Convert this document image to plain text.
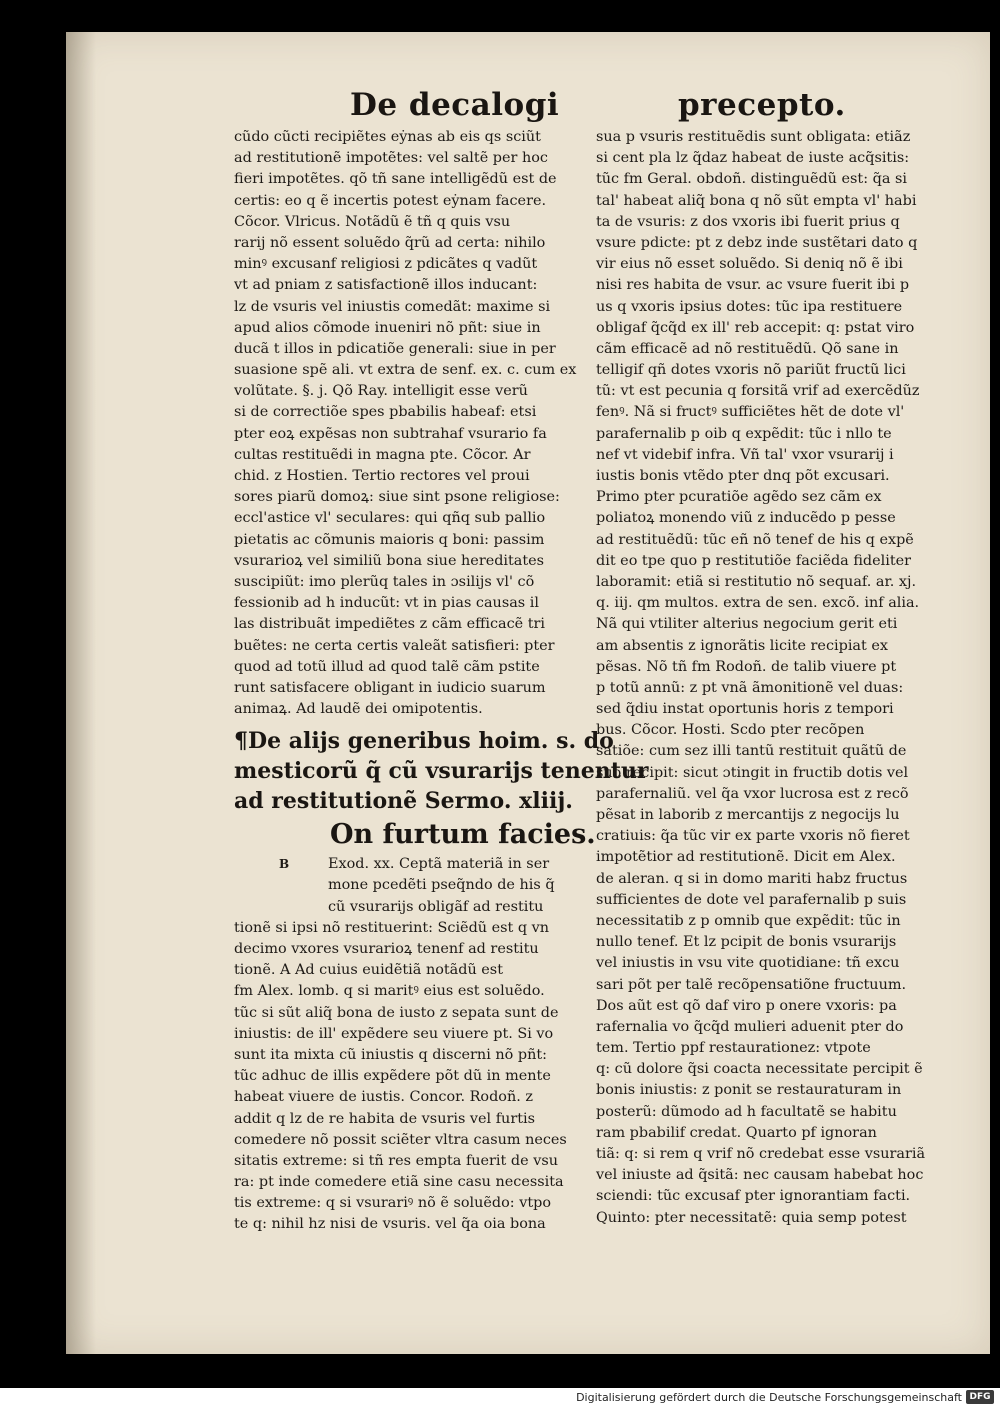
De decalogi	precepto.
cũdo cũcti recipiẽtes eẏnas ab eis qs sciũt
ad restitutionẽ impotẽtes: vel saltẽ per hoc
fieri impotẽtes. qõ tñ sane intelligẽdũ est de
certis: eo q ẽ incertis potest eẏnam facere.
Cõcor. Vlricus. Notãdũ ẽ tñ q quis vsu
rarij nõ essent soluẽdo q̃rũ ad certa: nihilo
minꝰ excusanf religiosi z pdicãtes q vadũt
vt ad pniam z satisfactionẽ illos inducant:
lz de vsuris vel iniustis comedãt: maxime si
apud alios cõmode inueniri nõ pñt: siue in
ducã t illos in pdicatiõe generali: siue in per
suasione spẽ ali. vt extra de senf. ex. c. cum ex
volũtate. §. j. Qõ Ray. intelligit esse verũ
si de correctiõe spes pbabilis habeaf: etsi
pter eoꝝ expẽsas non subtrahaf vsurario fa
cultas restituẽdi in magna pte. Cõcor. Ar
chid. z Hostien. Tertio rectores vel proui
sores piarũ domoꝝ: siue sint psone religiose:
eccl'astice vl' seculares: qui qñq sub pallio
pietatis ac cõmunis maioris q boni: passim
vsurarioꝝ vel similiũ bona siue hereditates
suscipiũt: imo plerũq tales in ɔsilijs vl' cõ
fessionib ad h inducũt: vt in pias causas il
las distribuãt impediẽtes z cãm efficacẽ tri
buẽtes: ne certa certis valeãt satisfieri: pter
quod ad totũ illud ad quod talẽ cãm pstite
runt satisfacere obligant in iudicio suarum
animaꝝ. Ad laudẽ dei omipotentis.
¶De alijs generibus hoim. s. do
mesticorũ q̃ cũ vsurarijs tenentur
ad restitutionẽ Sermo. xliij.
On furtum facies.
Exod. xx. Ceptã materiã in ser
B
mone pcedẽti pseq̃ndo de his q̃
cũ vsurarijs obligãf ad restitu
tionẽ si ipsi nõ restituerint: Sciẽdũ est q vn
decimo vxores vsurarioꝝ tenenf ad restitu
tionẽ. A Ad cuius euidẽtiã notãdũ est
fm Alex. lomb. q si maritꝰ eius est soluẽdo.
tũc si sũt aliq̃ bona de iusto z sepata sunt de
iniustis: de ill' expẽdere seu viuere pt. Si vo
sunt ita mixta cũ iniustis q discerni nõ pñt:
tũc adhuc de illis expẽdere põt dũ in mente
habeat viuere de iustis. Concor. Rodoñ. z
addit q lz de re habita de vsuris vel furtis
comedere nõ possit sciẽter vltra casum neces
sitatis extreme: si tñ res empta fuerit de vsu
ra: pt inde comedere etiã sine casu necessita
tis extreme: q si vsurariꝰ nõ ẽ soluẽdo: vtpo
te q: nihil hz nisi de vsuris. vel q̃a oia bona
sua p vsuris restituẽdis sunt obligata: etiãz
si cent pla lz q̃daz habeat de iuste acq̃sitis:
tũc fm Geral. obdoñ. distinguẽdũ est: q̃a si
tal' habeat aliq̃ bona q nõ sũt empta vl' habi
ta de vsuris: z dos vxoris ibi fuerit prius q
vsure pdicte: pt z debz inde sustẽtari dato q
vir eius nõ esset soluẽdo. Si deniq nõ ẽ ibi
nisi res habita de vsur. ac vsure fuerit ibi p
us q vxoris ipsius dotes: tũc ipa restituere
obligaf q̃cq̃d ex ill' reb accepit: q: pstat viro
cãm efficacẽ ad nõ restituẽdũ. Qõ sane in
telligif qñ dotes vxoris nõ pariũt fructũ lici
tũ: vt est pecunia q forsitã vrif ad exercẽdũz
fenꝰ. Nã si fructꝰ sufficiẽtes hẽt de dote vl'
parafernalib p oib q expẽdit: tũc i nllo te
nef vt videbif infra. Vñ tal' vxor vsurarij i
iustis bonis vtẽdo pter dnq põt excusari.
Primo pter pcuratiõe agẽdo sez cãm ex
poliatoꝝ monendo viũ z inducẽdo p pesse
ad restituẽdũ: tũc eñ nõ tenef de his q expẽ
dit eo tpe quo p restitutiõe faciẽda fideliter
laboramit: etiã si restitutio nõ sequaf. ar. xj.
q. iij. qm multos. extra de sen. excõ. inf alia.
Nã qui vtiliter alterius negocium gerit eti
am absentis z ignorãtis licite recipiat ex
pẽsas. Nõ tñ fm Rodoñ. de talib viuere pt
p totũ annũ: z pt vnã ãmonitionẽ vel duas:
sed q̃diu instat oportunis horis z tempori
bus. Cõcor. Hosti. Scdo pter recõpen
satiõe: cum sez illi tantũ restituit quãtũ de
suo recipit: sicut ɔtingit in fructib dotis vel
parafernaliũ. vel q̃a vxor lucrosa est z recõ
pẽsat in laborib z mercantijs z negocijs lu
cratiuis: q̃a tũc vir ex parte vxoris nõ fieret
impotẽtior ad restitutionẽ. Dicit em Alex.
de aleran. q si in domo mariti habz fructus
sufficientes de dote vel parafernalib p suis
necessitatib z p omnib que expẽdit: tũc in
nullo tenef. Et lz pcipit de bonis vsurarijs
vel iniustis in vsu vite quotidiane: tñ excu
sari põt per talẽ recõpensatiõne fructuum.
Dos aũt est qõ daf viro p onere vxoris: pa
rafernalia vo q̃cq̃d mulieri aduenit pter do
tem. Tertio ppf restaurationez: vtpote
q: cũ dolore q̃si coacta necessitate percipit ẽ
bonis iniustis: z ponit se restauraturam in
posterũ: dũmodo ad h facultatẽ se habitu
ram pbabilif credat. Quarto pf ignoran
tiã: q: si rem q vrif nõ credebat esse vsurariã
vel iniuste ad q̃sitã: nec causam habebat hoc
sciendi: tũc excusaf pter ignorantiam facti.
Quinto: pter necessitatẽ: quia semp potest
Digitalisierung gefördert durch die Deutsche Forschungsgemeinschaft DFG
